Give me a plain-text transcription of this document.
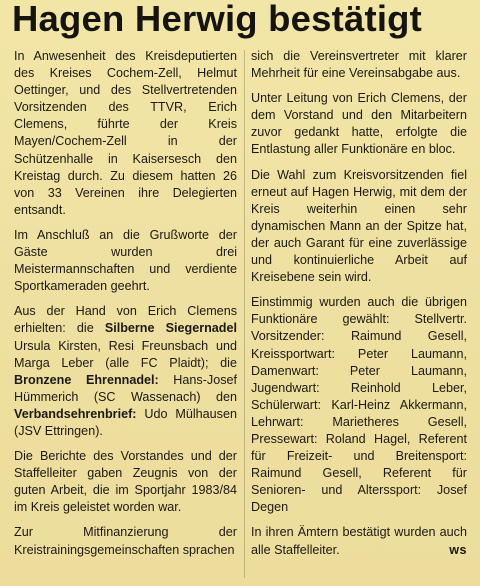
Hagen Herwig bestätigt

In Anwesenheit des Kreisdeputierten des Kreises Cochem-Zell, Helmut Oettinger, und des Stellvertretenden Vorsitzenden des TTVR, Erich Clemens, führte der Kreis Mayen/Cochem-Zell in der Schützenhalle in Kaisersesch den Kreistag durch. Zu diesem hatten 26 von 33 Vereinen ihre Delegierten entsandt.

Im Anschluß an die Grußworte der Gäste wurden drei Meistermannschaften und verdiente Sportkameraden geehrt.

Aus der Hand von Erich Clemens erhielten: die Silberne Siegernadel Ursula Kirsten, Resi Freunsbach und Marga Leber (alle FC Plaidt); die Bronzene Ehrennadel: Hans-Josef Hümmerich (SC Wassenach) den Verbandsehrenbrief: Udo Mülhausen (JSV Ettringen).

Die Berichte des Vorstandes und der Staffelleiter gaben Zeugnis von der guten Arbeit, die im Sportjahr 1983/84 im Kreis geleistet worden war.

Zur Mitfinanzierung der Kreistrainingsgemeinschaften sprachen

sich die Vereinsvertreter mit klarer Mehrheit für eine Vereinsabgabe aus.

Unter Leitung von Erich Clemens, der dem Vorstand und den Mitarbeitern zuvor gedankt hatte, erfolgte die Entlastung aller Funktionäre en bloc.

Die Wahl zum Kreisvorsitzenden fiel erneut auf Hagen Herwig, mit dem der Kreis weiterhin einen sehr dynamischen Mann an der Spitze hat, der auch Garant für eine zuverlässige und kontinuierliche Arbeit auf Kreisebene sein wird.

Einstimmig wurden auch die übrigen Funktionäre gewählt: Stellvertr. Vorsitzender: Raimund Gesell, Kreissportwart: Peter Laumann, Damenwart: Peter Laumann, Jugendwart: Reinhold Leber, Schülerwart: Karl-Heinz Akkermann, Lehrwart: Marietheres Gesell, Pressewart: Roland Hagel, Referent für Freizeit- und Breitensport: Raimund Gesell, Referent für Senioren- und Alterssport: Josef Degen

In ihren Ämtern bestätigt wurden auch alle Staffelleiter.	ws
